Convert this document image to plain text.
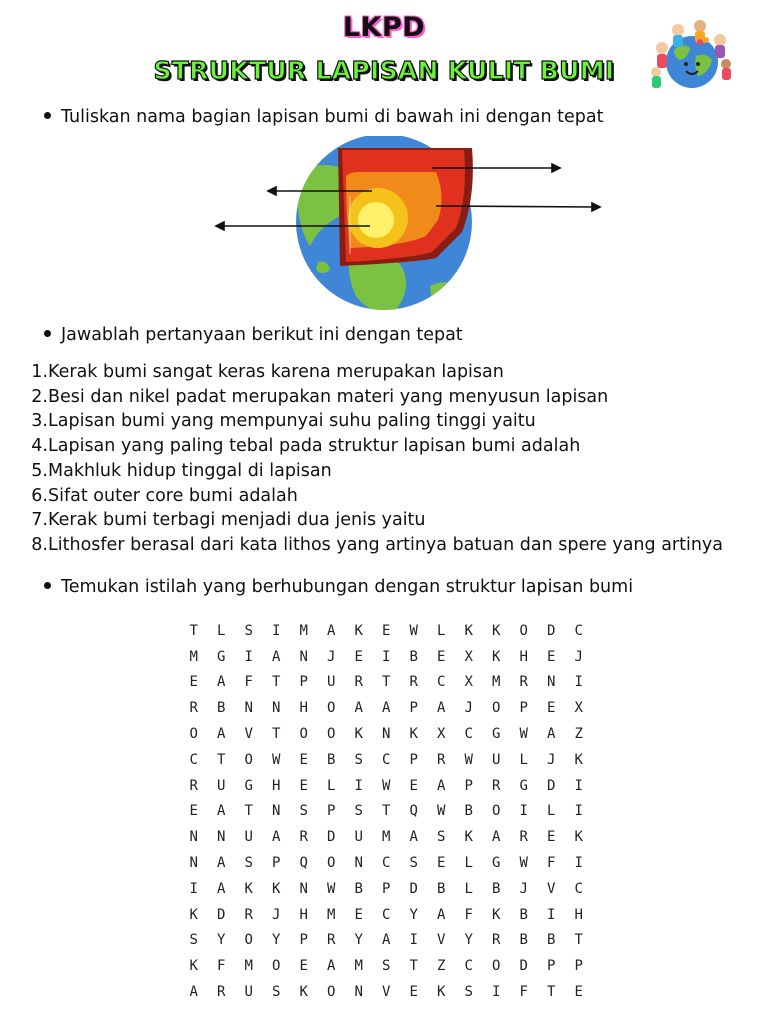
LKPD
STRUKTUR LAPISAN KULIT BUMI
Tuliskan nama bagian lapisan bumi di bawah ini dengan tepat
Jawablah pertanyaan berikut ini dengan tepat
1. Kerak bumi sangat keras karena merupakan lapisan
2. Besi dan nikel padat merupakan materi yang menyusun lapisan
3. Lapisan bumi yang mempunyai suhu paling tinggi yaitu
4. Lapisan yang paling tebal pada struktur lapisan bumi adalah
5. Makhluk hidup tinggal di lapisan
6. Sifat outer core bumi adalah
7. Kerak bumi terbagi menjadi dua jenis yaitu
8. Lithosfer berasal dari kata lithos yang artinya batuan dan spere yang artinya
Temukan istilah yang berhubungan dengan struktur lapisan bumi
T	L	S	I	M	A	K	E	W	L	K	K	O	D	C
M	G	I	A	N	J	E	I	B	E	X	K	H	E	J
E	A	F	T	P	U	R	T	R	C	X	M	R	N	I
R	B	N	N	H	O	A	A	P	A	J	O	P	E	X
O	A	V	T	O	O	K	N	K	X	C	G	W	A	Z
C	T	O	W	E	B	S	C	P	R	W	U	L	J	K
R	U	G	H	E	L	I	W	E	A	P	R	G	D	I
E	A	T	N	S	P	S	T	Q	W	B	O	I	L	I
N	N	U	A	R	D	U	M	A	S	K	A	R	E	K
N	A	S	P	Q	O	N	C	S	E	L	G	W	F	I
I	A	K	K	N	W	B	P	D	B	L	B	J	V	C
K	D	R	J	H	M	E	C	Y	A	F	K	B	I	H
S	Y	O	Y	P	R	Y	A	I	V	Y	R	B	B	T
K	F	M	O	E	A	M	S	T	Z	C	O	D	P	P
A	R	U	S	K	O	N	V	E	K	S	I	F	T	E
